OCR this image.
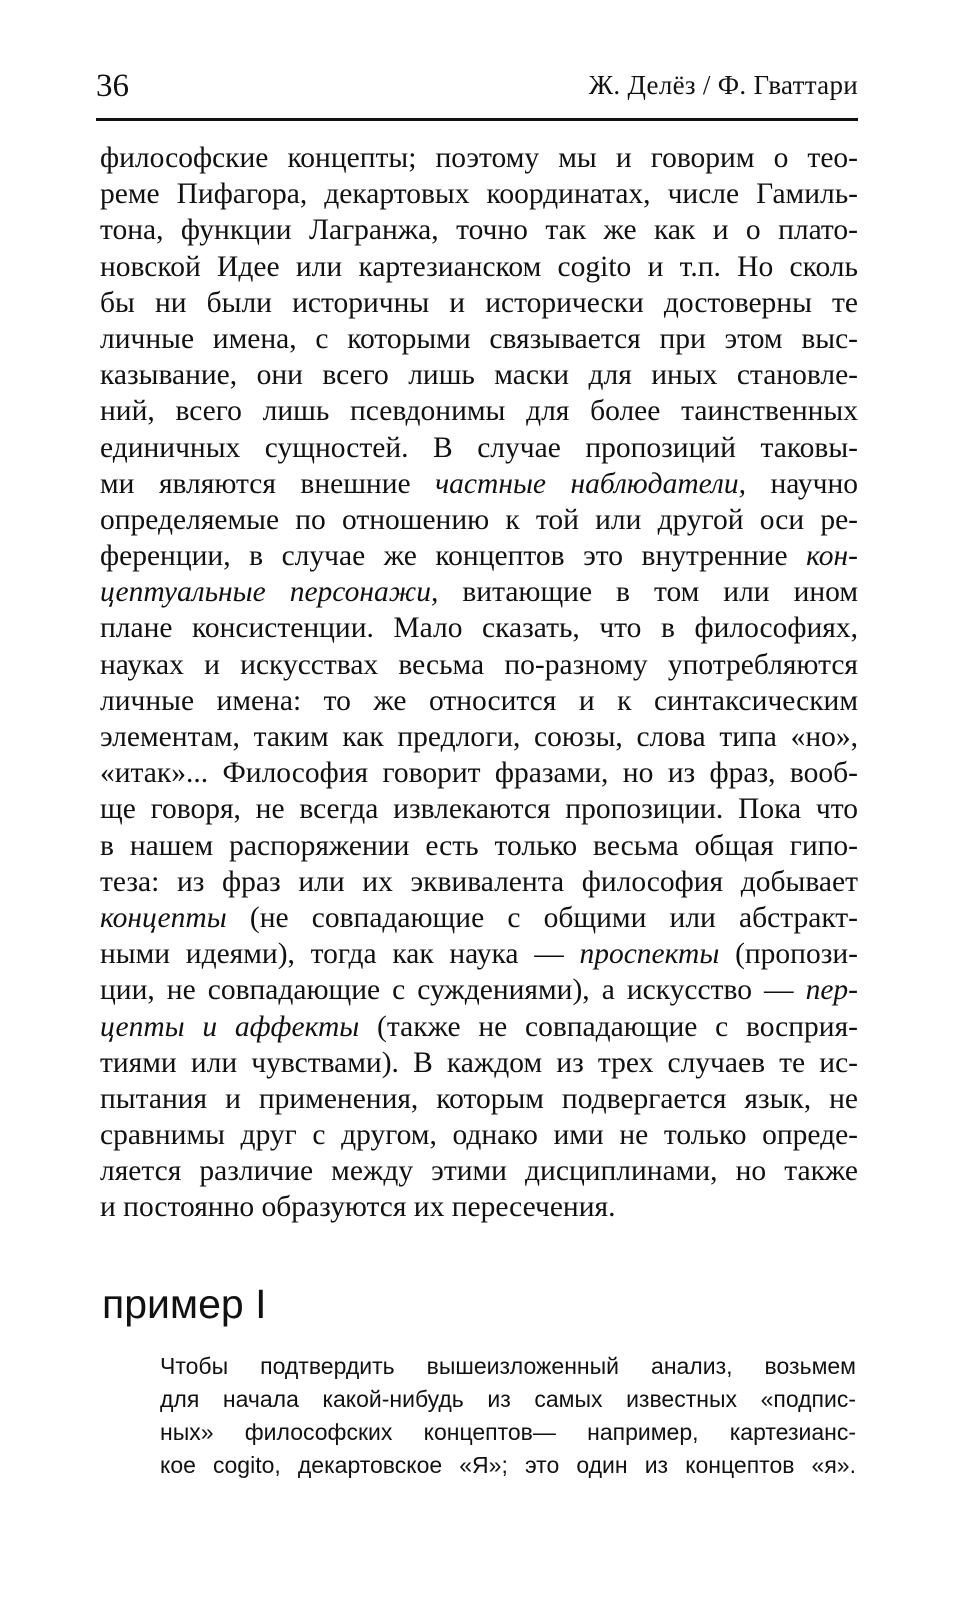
36	Ж. Делёз / Ф. Гваттари
философские концепты; поэтому мы и говорим о тео-
реме Пифагора, декартовых координатах, числе Гамиль-
тона, функции Лагранжа, точно так же как и о плато-
новской Идее или картезианском cogito и т.п. Но сколь
бы ни были историчны и исторически достоверны те
личные имена, с которыми связывается при этом выс-
казывание, они всего лишь маски для иных становле-
ний, всего лишь псевдонимы для более таинственных
единичных сущностей. В случае пропозиций таковы-
ми являются внешние частные наблюдатели, научно
определяемые по отношению к той или другой оси ре-
ференции, в случае же концептов это внутренние кон-
цептуальные персонажи, витающие в том или ином
плане консистенции. Мало сказать, что в философиях,
науках и искусствах весьма по-разному употребляются
личные имена: то же относится и к синтаксическим
элементам, таким как предлоги, союзы, слова типа «но»,
«итак»... Философия говорит фразами, но из фраз, вооб-
ще говоря, не всегда извлекаются пропозиции. Пока что
в нашем распоряжении есть только весьма общая гипо-
теза: из фраз или их эквивалента философия добывает
концепты (не совпадающие с общими или абстракт-
ными идеями), тогда как наука — проспекты (пропози-
ции, не совпадающие с суждениями), а искусство — пер-
цепты и аффекты (также не совпадающие с восприя-
тиями или чувствами). В каждом из трех случаев те ис-
пытания и применения, которым подвергается язык, не
сравнимы друг с другом, однако ими не только опреде-
ляется различие между этими дисциплинами, но также
и постоянно образуются их пересечения.
пример I
Чтобы подтвердить вышеизложенный анализ, возьмем
для начала какой-нибудь из самых известных «подпис-
ных» философских концептов— например, картезианс-
кое cogito, декартовское «Я»; это один из концептов «я».
